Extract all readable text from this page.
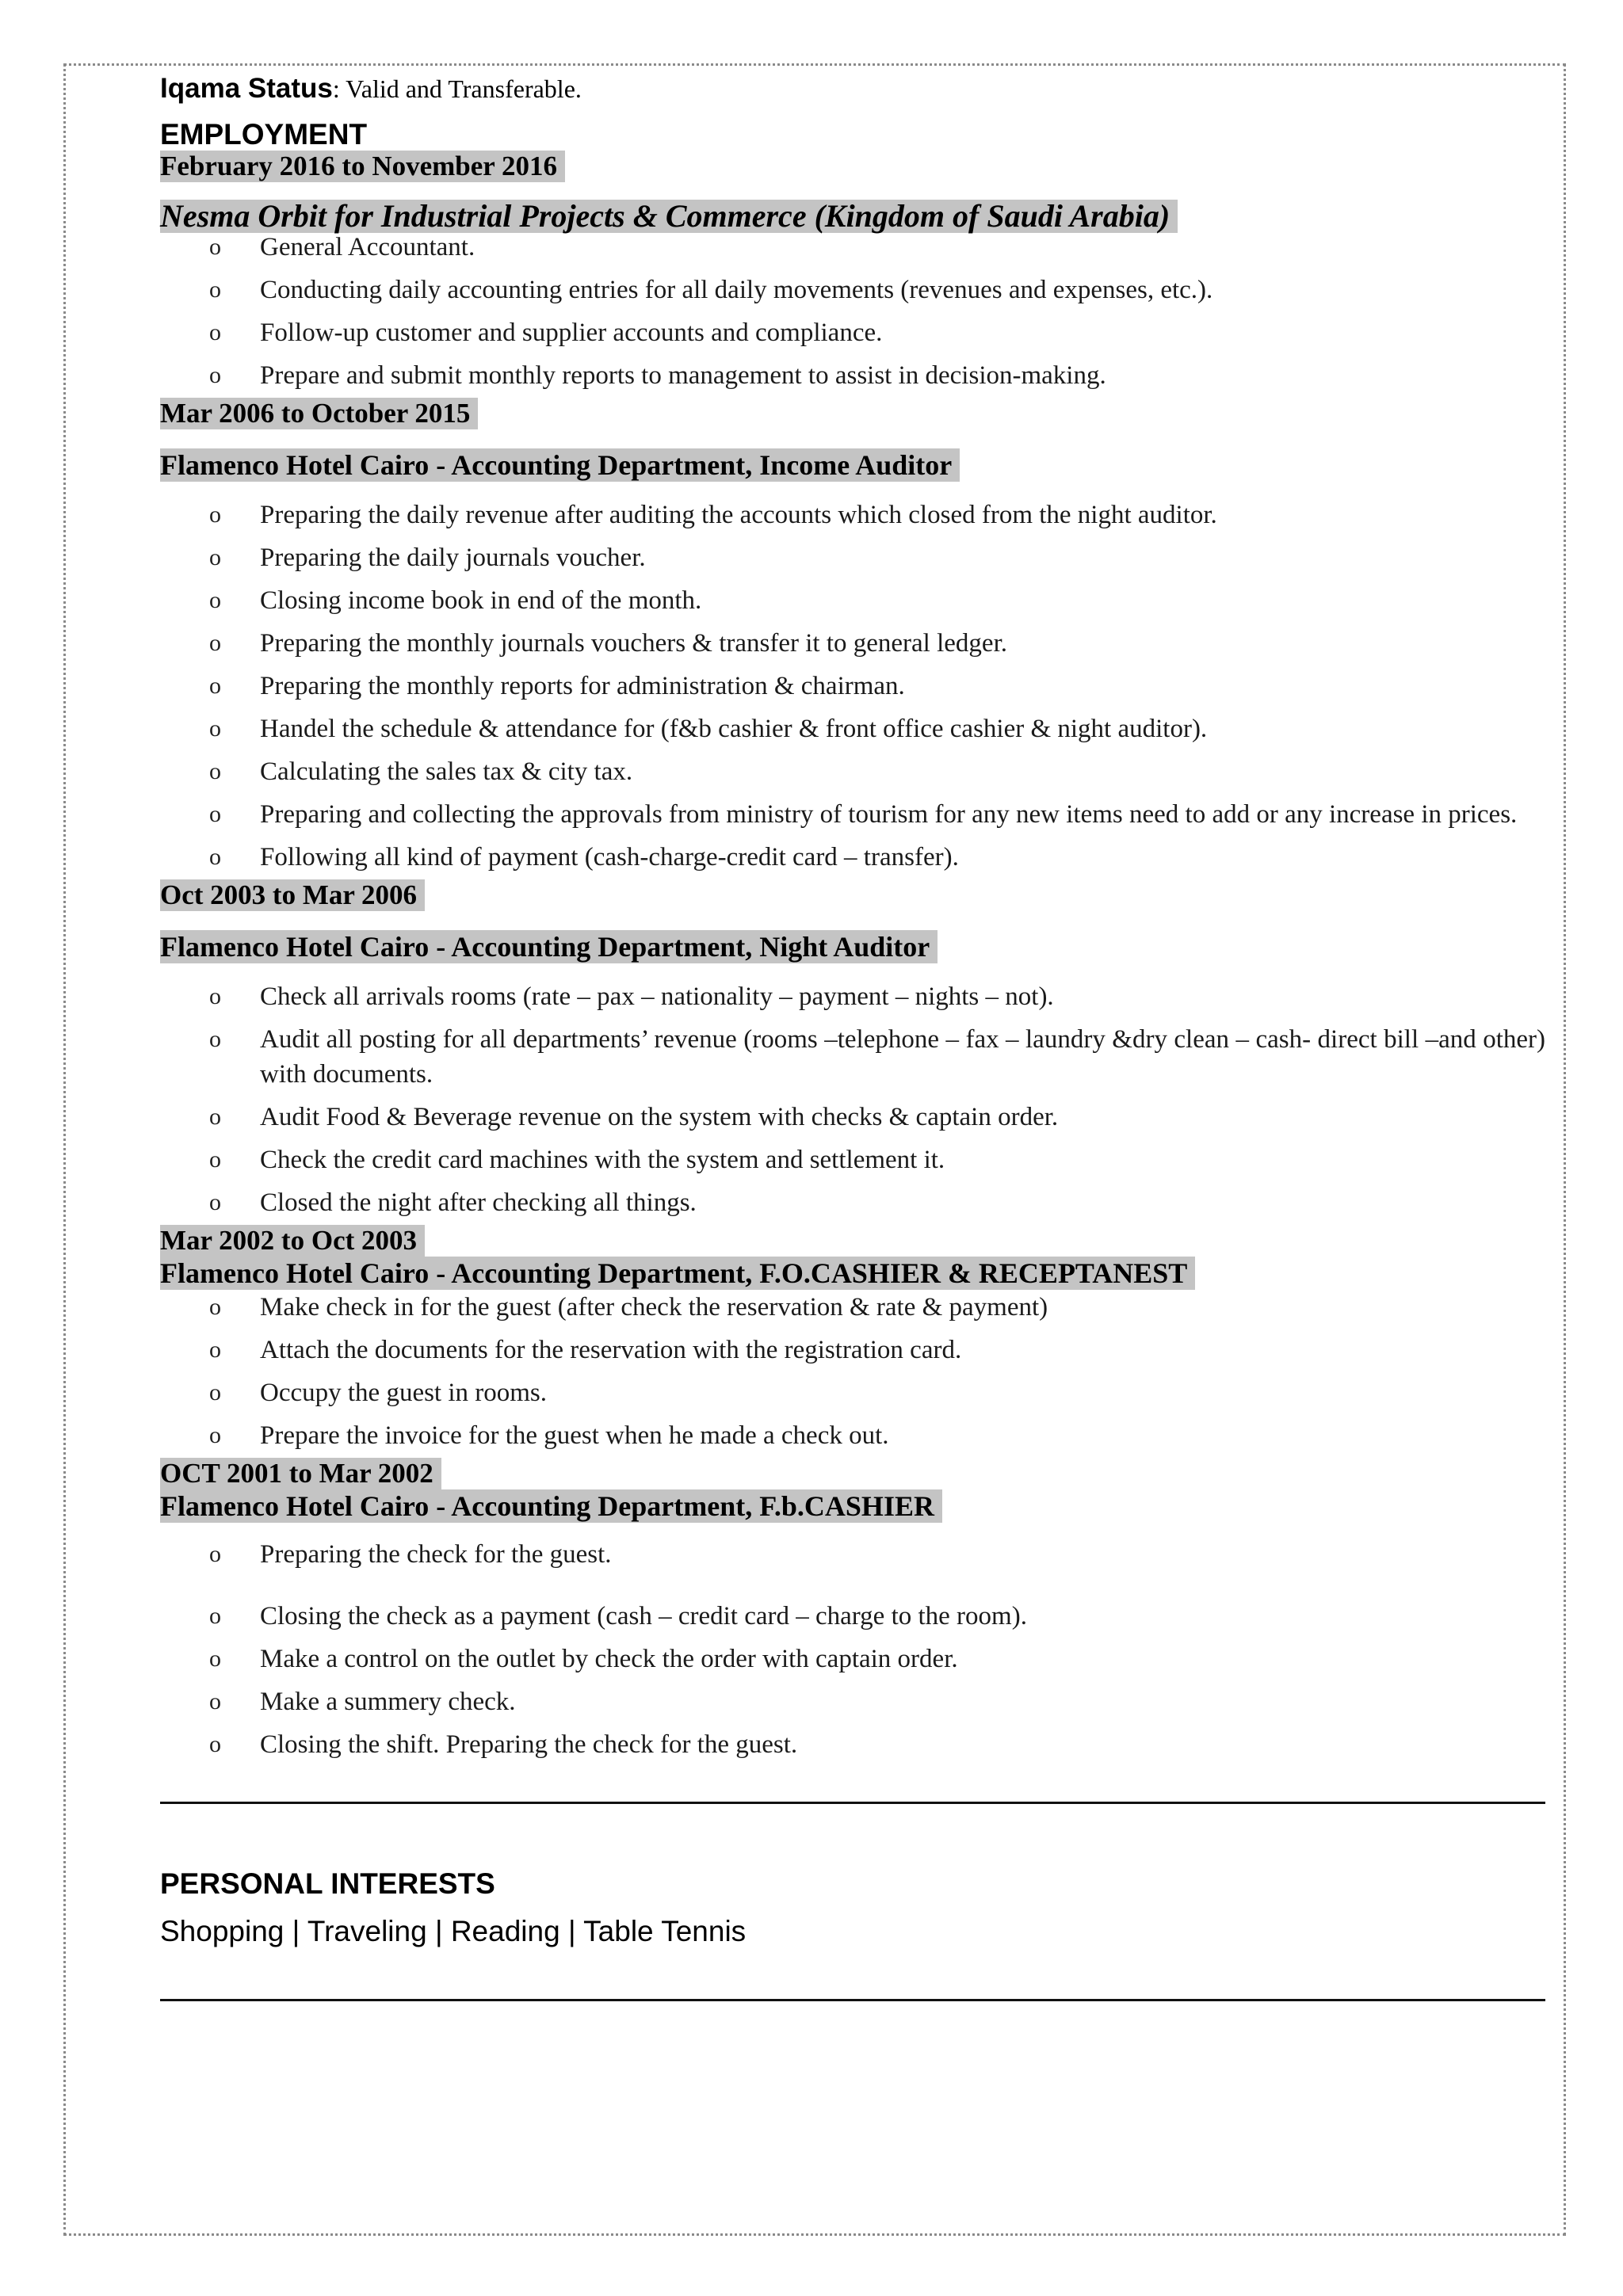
Iqama Status: Valid and Transferable.
EMPLOYMENT
February 2016 to November 2016
Nesma Orbit for Industrial Projects & Commerce (Kingdom of Saudi Arabia)
o General Accountant.
o Conducting daily accounting entries for all daily movements (revenues and expenses, etc.).
o Follow-up customer and supplier accounts and compliance.
o Prepare and submit monthly reports to management to assist in decision-making.
Mar 2006 to October 2015
Flamenco Hotel Cairo - Accounting Department, Income Auditor
o Preparing the daily revenue after auditing the accounts which closed from the night auditor.
o Preparing the daily journals voucher.
o Closing income book in end of the month.
o Preparing the monthly journals vouchers & transfer it to general ledger.
o Preparing the monthly reports for administration & chairman.
o Handel the schedule & attendance for (f&b cashier & front office cashier & night auditor).
o Calculating the sales tax & city tax.
o Preparing and collecting the approvals from ministry of tourism for any new items need to add or any increase in prices.
o Following all kind of payment (cash-charge-credit card – transfer).
Oct 2003 to Mar 2006
Flamenco Hotel Cairo - Accounting Department, Night Auditor
o Check all arrivals rooms (rate – pax – nationality – payment – nights – not).
o Audit all posting for all departments’ revenue (rooms –telephone – fax – laundry &dry clean – cash- direct bill –and other) with documents.
o Audit Food & Beverage revenue on the system with checks & captain order.
o Check the credit card machines with the system and settlement it.
o Closed the night after checking all things.
Mar 2002 to Oct 2003
Flamenco Hotel Cairo - Accounting Department, F.O.CASHIER & RECEPTANEST
o Make check in for the guest (after check the reservation & rate & payment)
o Attach the documents for the reservation with the registration card.
o Occupy the guest in rooms.
o Prepare the invoice for the guest when he made a check out.
OCT 2001 to Mar 2002
Flamenco Hotel Cairo - Accounting Department, F.b.CASHIER
o Preparing the check for the guest.
o Closing the check as a payment (cash – credit card – charge to the room).
o Make a control on the outlet by check the order with captain order.
o Make a summery check.
o Closing the shift. Preparing the check for the guest.
PERSONAL INTERESTS
Shopping | Traveling | Reading | Table Tennis
